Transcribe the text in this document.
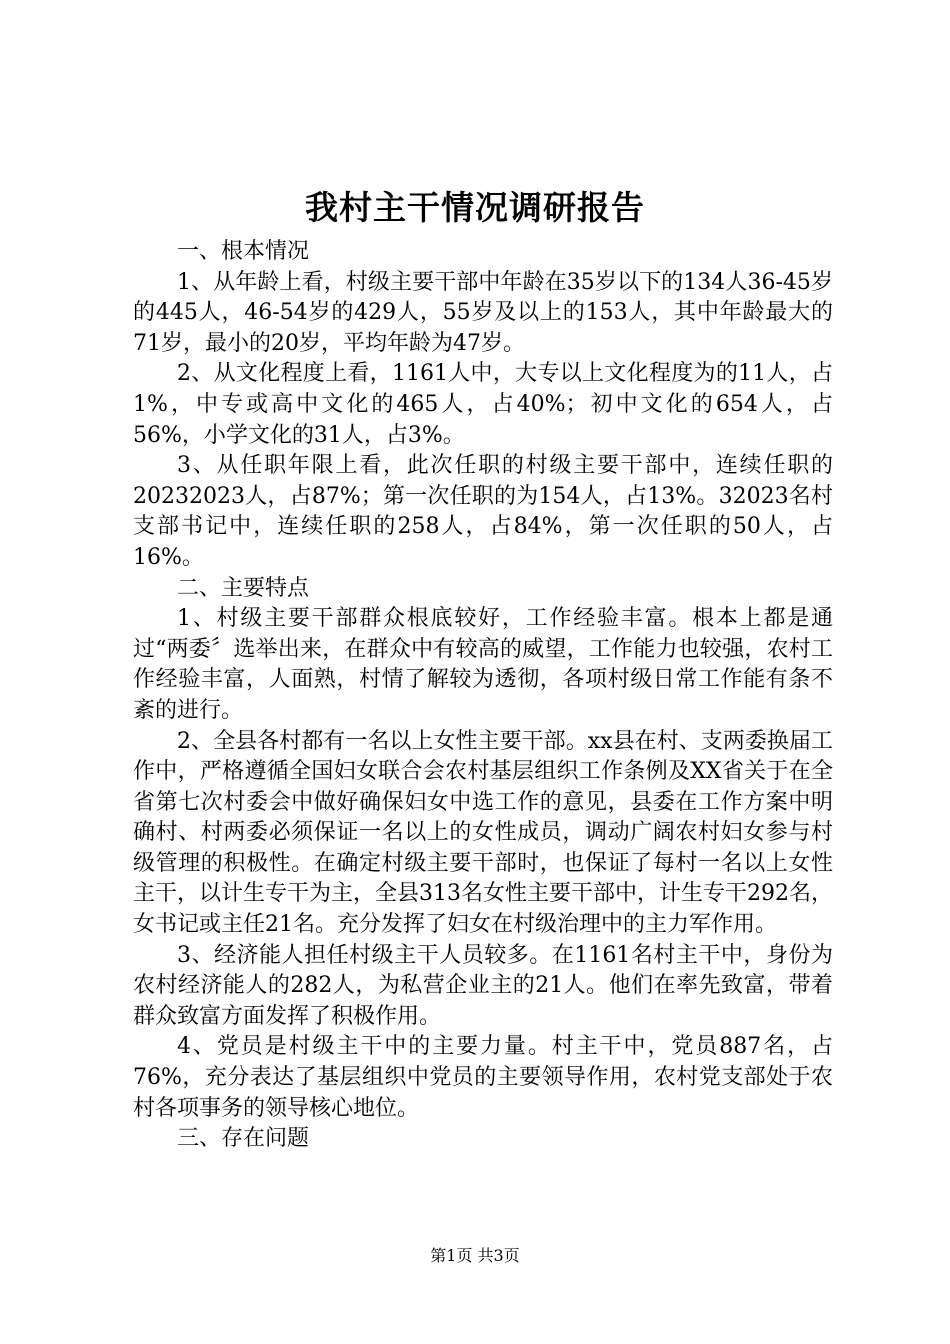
我村主干情况调研报告

一、根本情况

1、从年龄上看，村级主要干部中年龄在35岁以下的134人36-45岁的445人，46-54岁的429人，55岁及以上的153人，其中年龄最大的71岁，最小的20岁，平均年龄为47岁。

2、从文化程度上看，1161人中，大专以上文化程度为的11人，占1%，中专或高中文化的465人，占40%；初中文化的654人，占56%，小学文化的31人，占3%。

3、从任职年限上看，此次任职的村级主要干部中，连续任职的20232023人，占87%；第一次任职的为154人，占13%。32023名村支部书记中，连续任职的258人，占84%，第一次任职的50人，占16%。

二、主要特点

1、村级主要干部群众根底较好，工作经验丰富。根本上都是通过“两委〞选举出来，在群众中有较高的威望，工作能力也较强，农村工作经验丰富，人面熟，村情了解较为透彻，各项村级日常工作能有条不紊的进行。

2、全县各村都有一名以上女性主要干部。xx县在村、支两委换届工作中，严格遵循全国妇女联合会农村基层组织工作条例及XX省关于在全省第七次村委会中做好确保妇女中选工作的意见，县委在工作方案中明确村、村两委必须保证一名以上的女性成员，调动广阔农村妇女参与村级管理的积极性。在确定村级主要干部时，也保证了每村一名以上女性主干，以计生专干为主，全县313名女性主要干部中，计生专干292名，女书记或主任21名。充分发挥了妇女在村级治理中的主力军作用。

3、经济能人担任村级主干人员较多。在1161名村主干中，身份为农村经济能人的282人，为私营企业主的21人。他们在率先致富，带着群众致富方面发挥了积极作用。

4、党员是村级主干中的主要力量。村主干中，党员887名，占76%，充分表达了基层组织中党员的主要领导作用，农村党支部处于农村各项事务的领导核心地位。

三、存在问题

第1页 共3页
